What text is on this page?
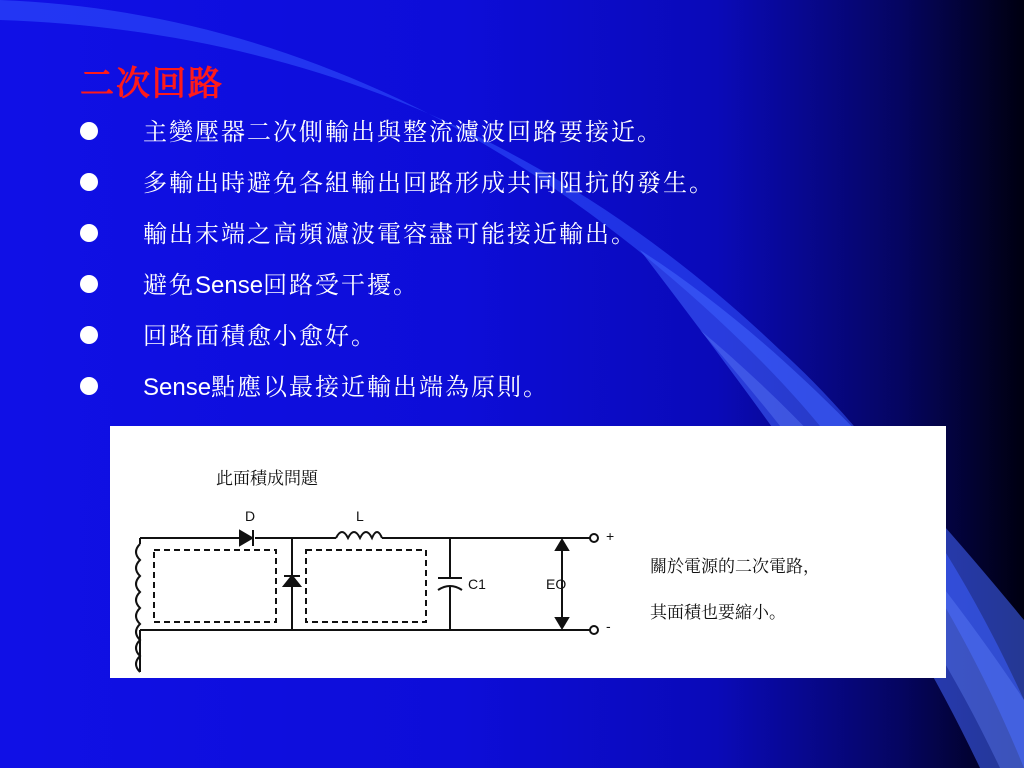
二次回路
主變壓器二次側輸出與整流濾波回路要接近。
多輸出時避免各組輸出回路形成共同阻抗的發生。
輸出末端之高頻濾波電容盡可能接近輸出。
避免Sense回路受干擾。
回路面積愈小愈好。
Sense點應以最接近輸出端為原則。
此面積成問題
D	L
C1	EO
+
-
關於電源的二次電路，
其面積也要縮小。
